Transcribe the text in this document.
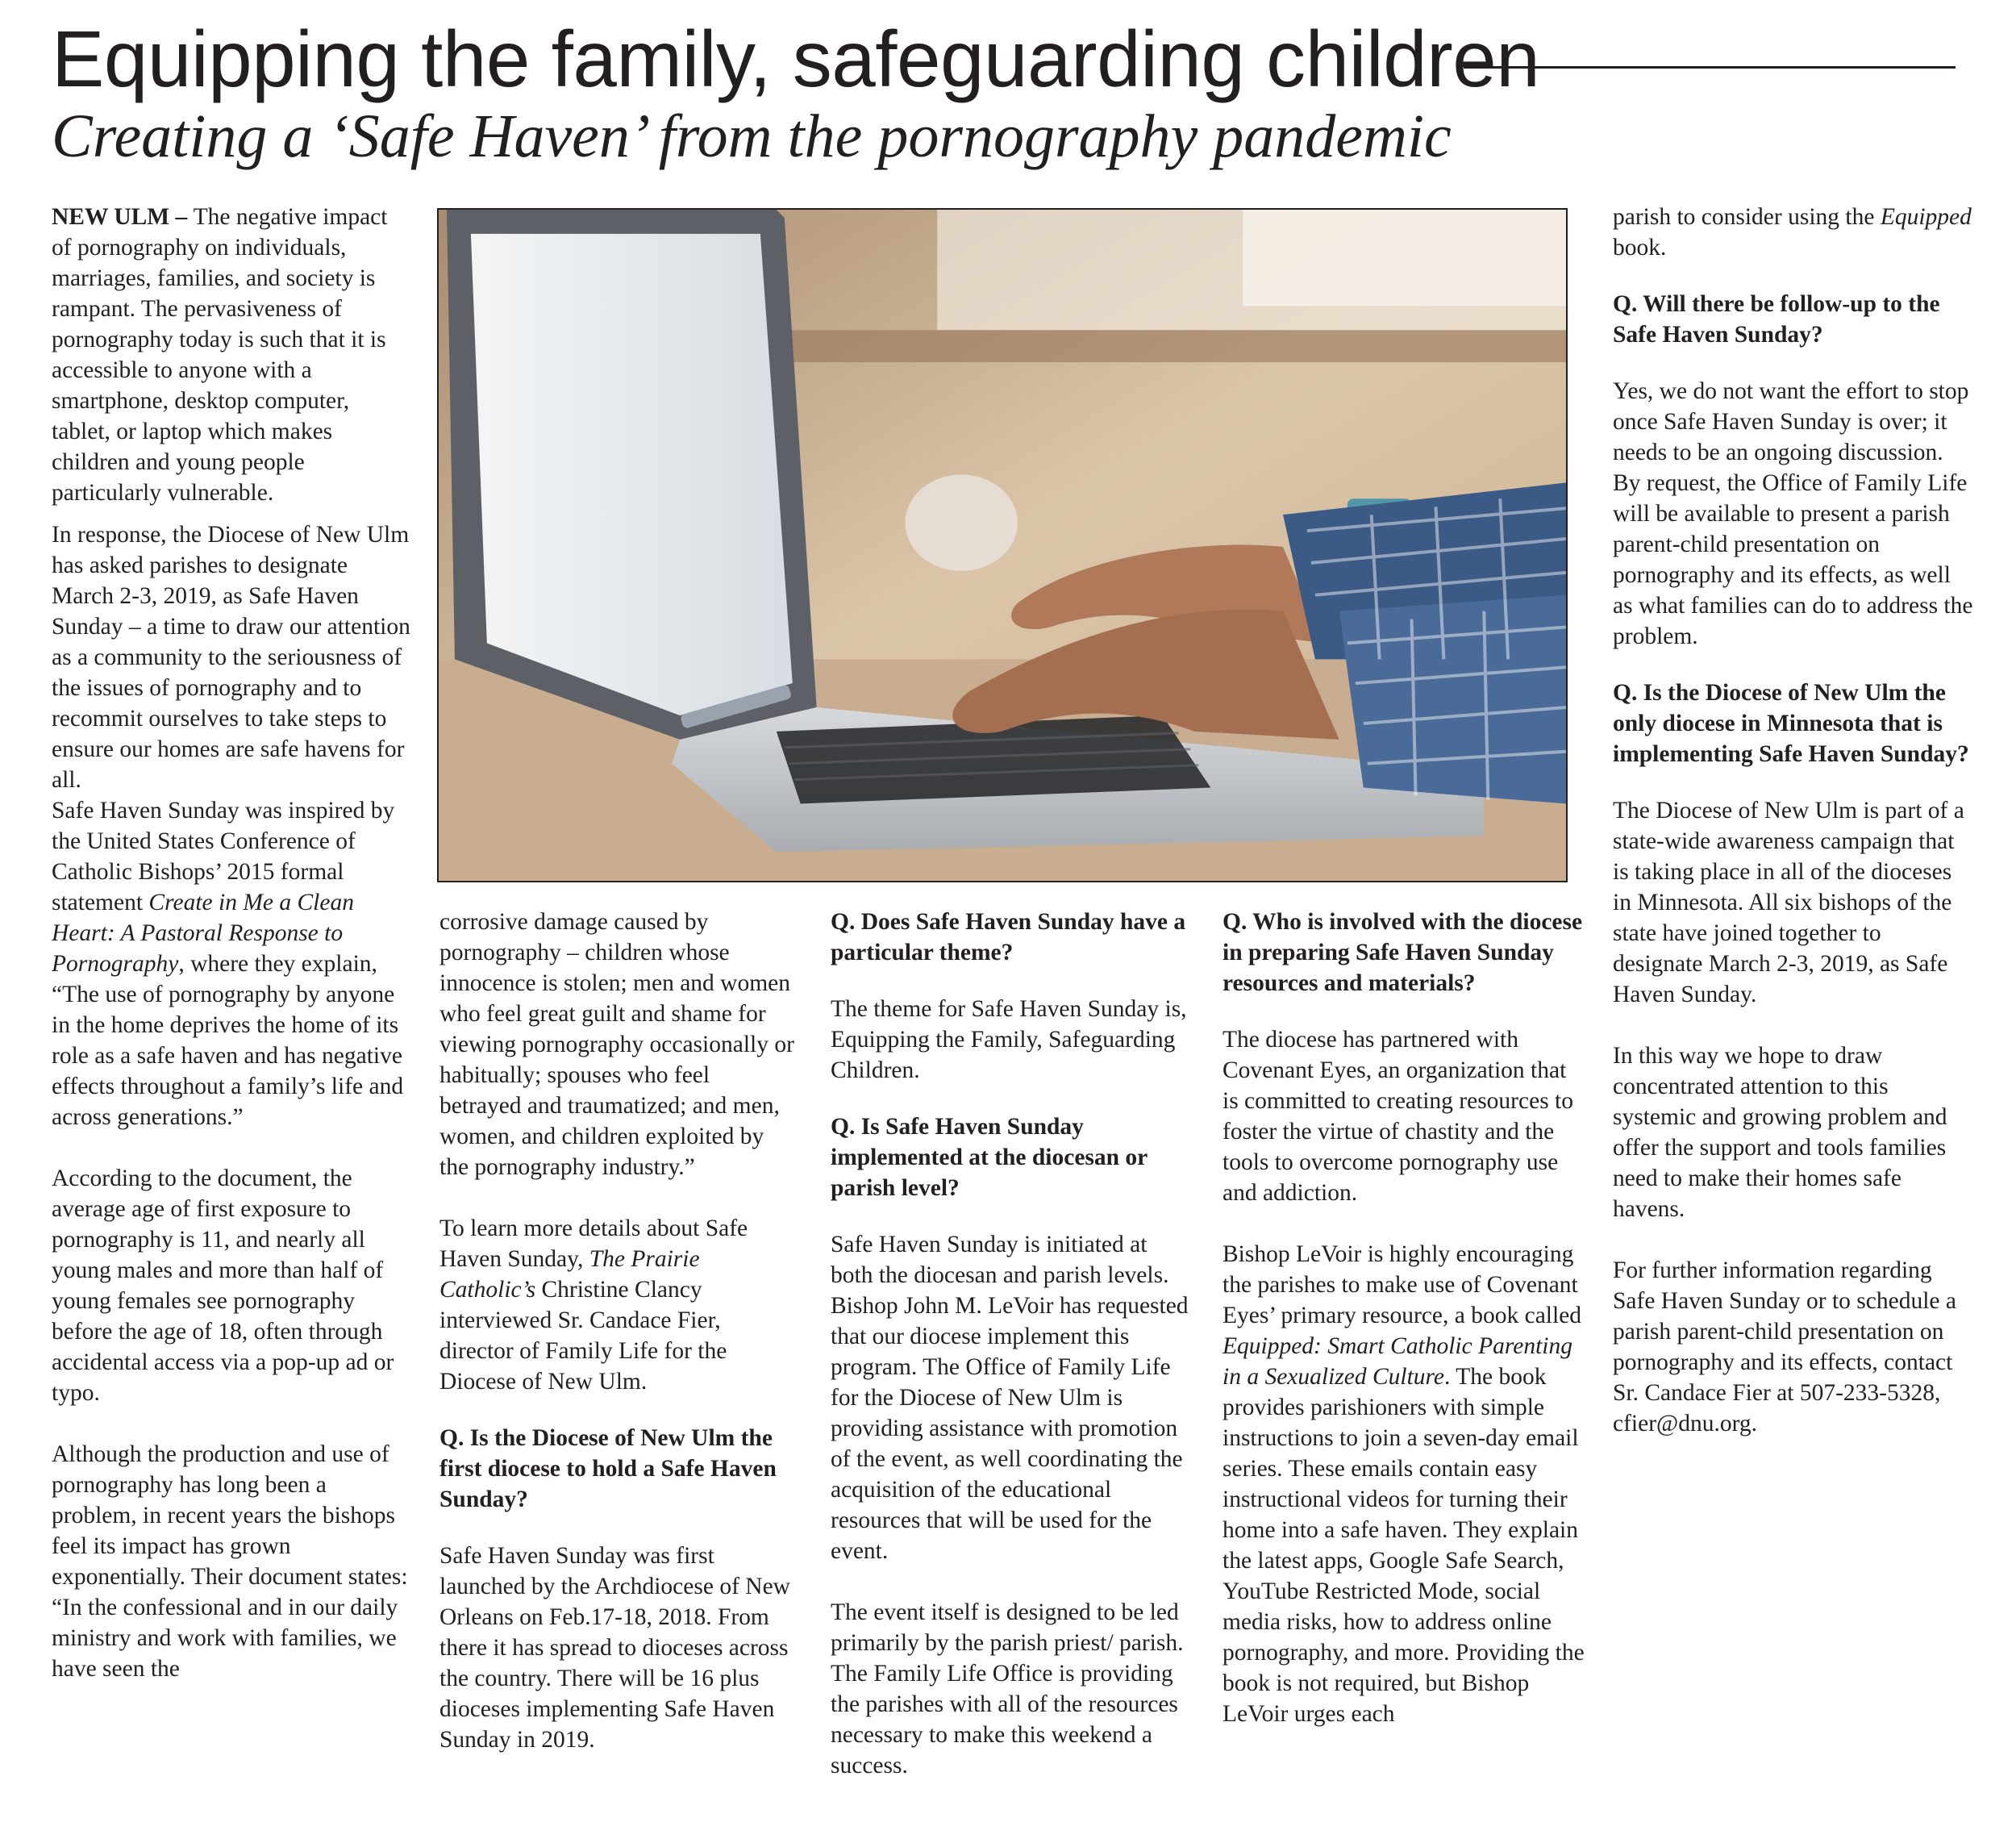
Equipping the family, safeguarding children
Creating a ‘Safe Haven’ from the pornography pandemic

NEW ULM – The negative impact of pornography on individuals, marriages, families, and society is rampant. The pervasiveness of pornography today is such that it is accessible to anyone with a smartphone, desktop computer, tablet, or laptop which makes children and young people particularly vulnerable.

In response, the Diocese of New Ulm has asked parishes to designate March 2-3, 2019, as Safe Haven Sunday – a time to draw our attention as a community to the seriousness of the issues of pornography and to recommit ourselves to take steps to ensure our homes are safe havens for all.

Safe Haven Sunday was inspired by the United States Conference of Catholic Bishops’ 2015 formal statement Create in Me a Clean Heart: A Pastoral Response to Pornography, where they explain, “The use of pornography by anyone in the home deprives the home of its role as a safe haven and has negative effects throughout a family’s life and across generations.”

According to the document, the average age of first exposure to pornography is 11, and nearly all young males and more than half of young females see pornography before the age of 18, often through accidental access via a pop-up ad or typo.

Although the production and use of pornography has long been a problem, in recent years the bishops feel its impact has grown exponentially. Their document states: “In the confessional and in our daily ministry and work with families, we have seen the

corrosive damage caused by pornography – children whose innocence is stolen; men and women who feel great guilt and shame for viewing pornography occasionally or habitually; spouses who feel betrayed and traumatized; and men, women, and children exploited by the pornography industry.”

To learn more details about Safe Haven Sunday, The Prairie Catholic’s Christine Clancy interviewed Sr. Candace Fier, director of Family Life for the Diocese of New Ulm.

Q. Is the Diocese of New Ulm the first diocese to hold a Safe Haven Sunday?

Safe Haven Sunday was first launched by the Archdiocese of New Orleans on Feb.17-18, 2018. From there it has spread to dioceses across the country. There will be 16 plus dioceses implementing Safe Haven Sunday in 2019.

Q. Does Safe Haven Sunday have a particular theme?

The theme for Safe Haven Sunday is, Equipping the Family, Safeguarding Children.

Q. Is Safe Haven Sunday implemented at the diocesan or parish level?

Safe Haven Sunday is initiated at both the diocesan and parish levels. Bishop John M. LeVoir has requested that our diocese implement this program. The Office of Family Life for the Diocese of New Ulm is providing assistance with promotion of the event, as well coordinating the acquisition of the educational resources that will be used for the event.

The event itself is designed to be led primarily by the parish priest/ parish. The Family Life Office is providing the parishes with all of the resources necessary to make this weekend a success.

Q. Who is involved with the diocese in preparing Safe Haven Sunday resources and materials?

The diocese has partnered with Covenant Eyes, an organization that is committed to creating resources to foster the virtue of chastity and the tools to overcome pornography use and addiction.

Bishop LeVoir is highly encouraging the parishes to make use of Covenant Eyes’ primary resource, a book called Equipped: Smart Catholic Parenting in a Sexualized Culture. The book provides parishioners with simple instructions to join a seven-day email series. These emails contain easy instructional videos for turning their home into a safe haven. They explain the latest apps, Google Safe Search, YouTube Restricted Mode, social media risks, how to address online pornography, and more. Providing the book is not required, but Bishop LeVoir urges each

parish to consider using the Equipped book.

Q. Will there be follow-up to the Safe Haven Sunday?

Yes, we do not want the effort to stop once Safe Haven Sunday is over; it needs to be an ongoing discussion. By request, the Office of Family Life will be available to present a parish parent-child presentation on pornography and its effects, as well as what families can do to address the problem.

Q. Is the Diocese of New Ulm the only diocese in Minnesota that is implementing Safe Haven Sunday?

The Diocese of New Ulm is part of a state-wide awareness campaign that is taking place in all of the dioceses in Minnesota. All six bishops of the state have joined together to designate March 2-3, 2019, as Safe Haven Sunday.

In this way we hope to draw concentrated attention to this systemic and growing problem and offer the support and tools families need to make their homes safe havens.

For further information regarding Safe Haven Sunday or to schedule a parish parent-child presentation on pornography and its effects, contact Sr. Candace Fier at 507-233-5328, cfier@dnu.org.
